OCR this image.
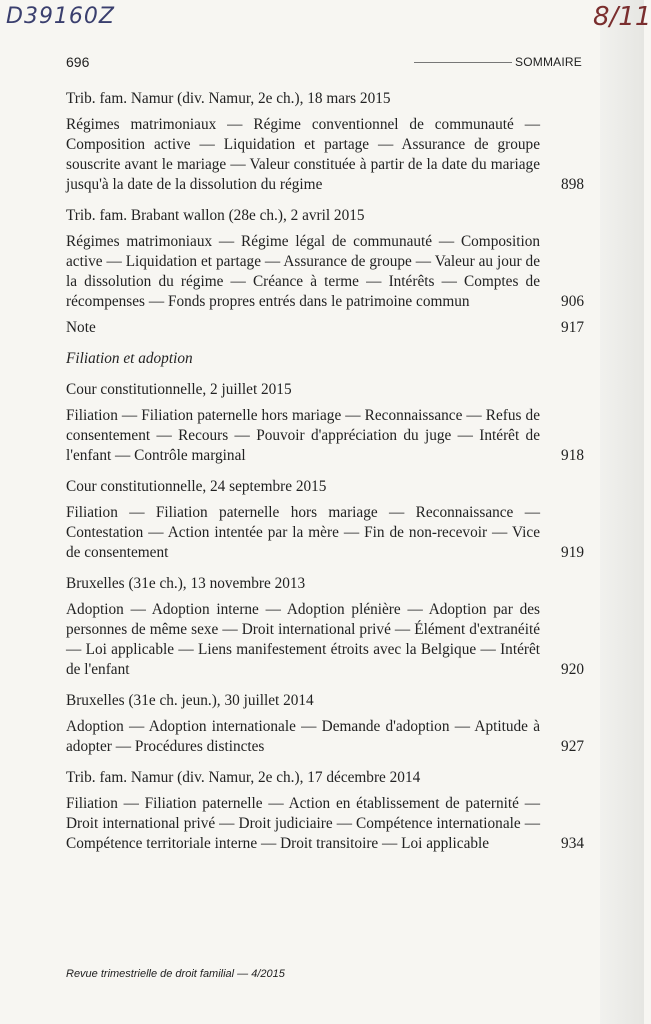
D39160Z	8/11
696	SOMMAIRE
Trib. fam. Namur (div. Namur, 2e ch.), 18 mars 2015
Régimes matrimoniaux — Régime conventionnel de communauté — Composition active — Liquidation et partage — Assurance de groupe souscrite avant le mariage — Valeur constituée à partir de la date du mariage jusqu'à la date de la dissolution du régime	898
Trib. fam. Brabant wallon (28e ch.), 2 avril 2015
Régimes matrimoniaux — Régime légal de communauté — Composition active — Liquidation et partage — Assurance de groupe — Valeur au jour de la dissolution du régime — Créance à terme — Intérêts — Comptes de récompenses — Fonds propres entrés dans le patrimoine commun	906
Note	917
Filiation et adoption
Cour constitutionnelle, 2 juillet 2015
Filiation — Filiation paternelle hors mariage — Reconnaissance — Refus de consentement — Recours — Pouvoir d'appréciation du juge — Intérêt de l'enfant — Contrôle marginal	918
Cour constitutionnelle, 24 septembre 2015
Filiation — Filiation paternelle hors mariage — Reconnaissance — Contestation — Action intentée par la mère — Fin de non-recevoir — Vice de consentement	919
Bruxelles (31e ch.), 13 novembre 2013
Adoption — Adoption interne — Adoption plénière — Adoption par des personnes de même sexe — Droit international privé — Élément d'extranéité — Loi applicable — Liens manifestement étroits avec la Belgique — Intérêt de l'enfant	920
Bruxelles (31e ch. jeun.), 30 juillet 2014
Adoption — Adoption internationale — Demande d'adoption — Aptitude à adopter — Procédures distinctes	927
Trib. fam. Namur (div. Namur, 2e ch.), 17 décembre 2014
Filiation — Filiation paternelle — Action en établissement de paternité — Droit international privé — Droit judiciaire — Compétence internationale — Compétence territoriale interne — Droit transitoire — Loi applicable	934
Revue trimestrielle de droit familial — 4/2015
